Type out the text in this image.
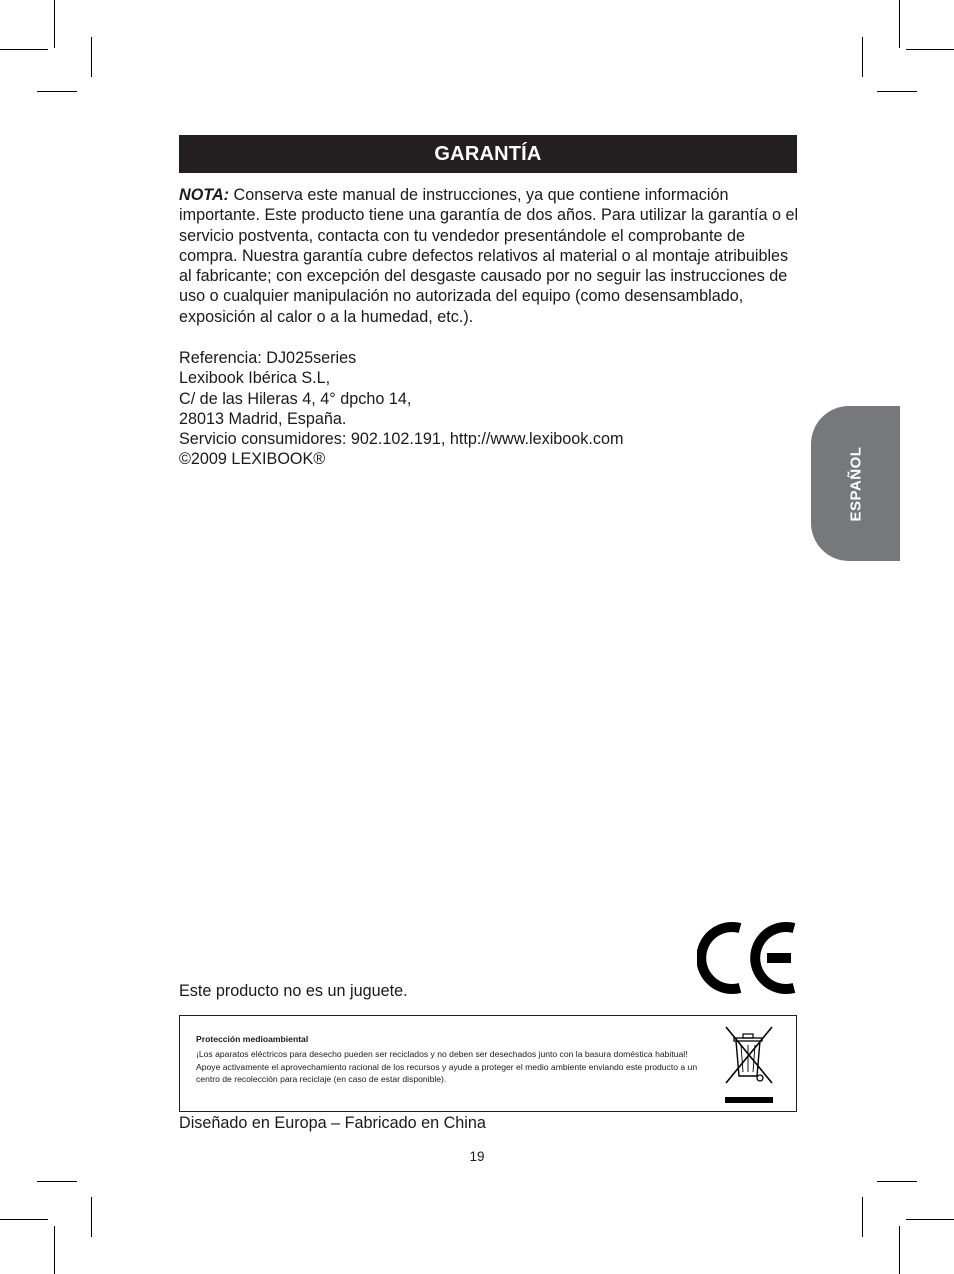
GARANTÍA

NOTA: Conserva este manual de instrucciones, ya que contiene información importante. Este producto tiene una garantía de dos años. Para utilizar la garantía o el servicio postventa, contacta con tu vendedor presentándole el comprobante de compra. Nuestra garantía cubre defectos relativos al material o al montaje atribuibles al fabricante; con excepción del desgaste causado por no seguir las instrucciones de uso o cualquier manipulación no autorizada del equipo (como desensamblado, exposición al calor o a la humedad, etc.).

Referencia: DJ025series
Lexibook Ibérica S.L,
C/ de las Hileras 4, 4° dpcho 14,
28013 Madrid, España.
Servicio consumidores: 902.102.191, http://www.lexibook.com
©2009 LEXIBOOK®	ESPAÑOL
Este producto no es un juguete.
Protección medioambiental
¡Los aparatos eléctricos para desecho pueden ser reciclados y no deben ser desechados junto con la basura doméstica habitual! Apoye activamente el aprovechamiento racional de los recursos y ayude a proteger el medio ambiente enviando este producto a un centro de recolección para reciclaje (en caso de estar disponible).
Diseñado en Europa – Fabricado en China
19
